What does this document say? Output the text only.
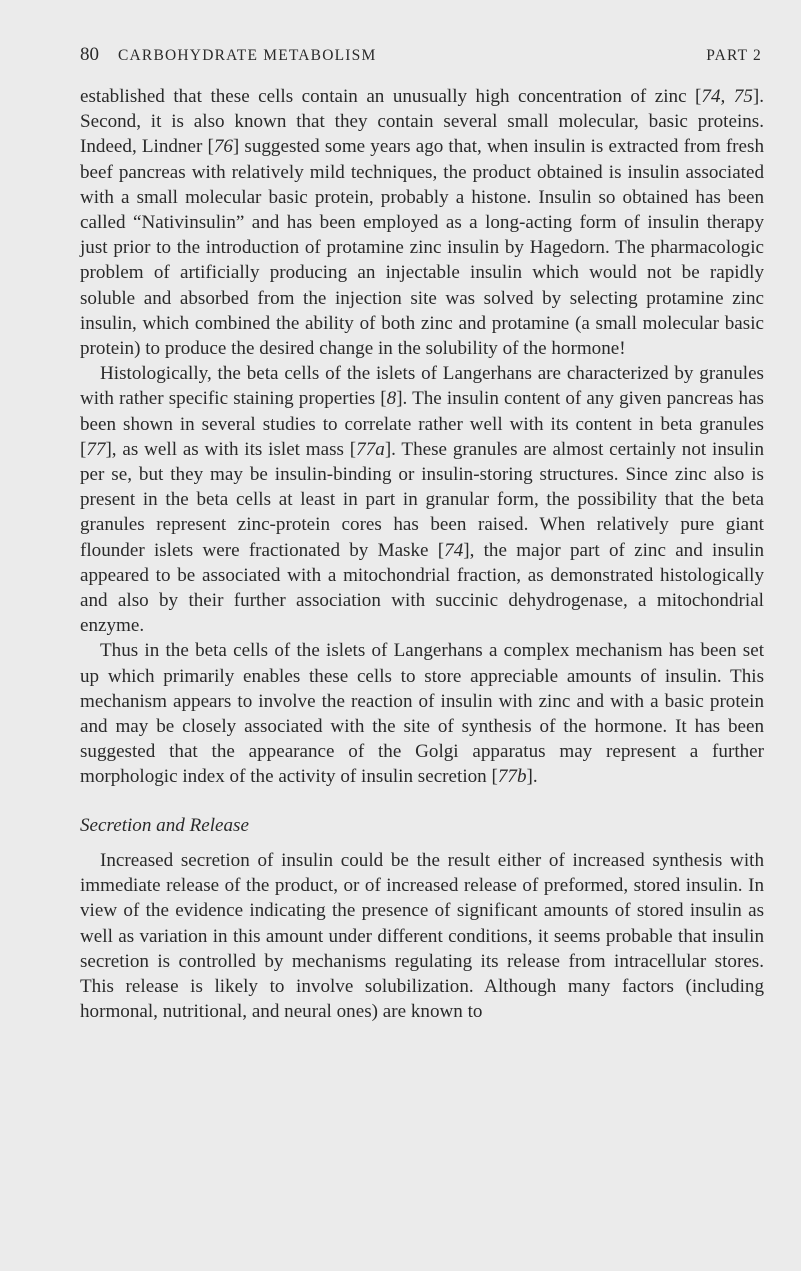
80 CARBOHYDRATE METABOLISM	PART 2

established that these cells contain an unusually high concentration of zinc [74, 75]. Second, it is also known that they contain several small molecular, basic proteins. Indeed, Lindner [76] suggested some years ago that, when insulin is extracted from fresh beef pancreas with relatively mild techniques, the product obtained is insulin associated with a small molecular basic protein, probably a histone. Insulin so obtained has been called “Nativinsulin” and has been employed as a long-acting form of insulin therapy just prior to the introduction of protamine zinc insulin by Hagedorn. The pharmacologic problem of artificially producing an injectable insulin which would not be rapidly soluble and absorbed from the injection site was solved by selecting protamine zinc insulin, which combined the ability of both zinc and protamine (a small molecular basic protein) to produce the desired change in the solubility of the hormone!

Histologically, the beta cells of the islets of Langerhans are characterized by granules with rather specific staining properties [8]. The insulin content of any given pancreas has been shown in several studies to correlate rather well with its content in beta granules [77], as well as with its islet mass [77a]. These granules are almost certainly not insulin per se, but they may be insulin-binding or insulin-storing structures. Since zinc also is present in the beta cells at least in part in granular form, the possibility that the beta granules represent zinc-protein cores has been raised. When relatively pure giant flounder islets were fractionated by Maske [74], the major part of zinc and insulin appeared to be associated with a mitochondrial fraction, as demonstrated histologically and also by their further association with succinic dehydrogenase, a mitochondrial enzyme.

Thus in the beta cells of the islets of Langerhans a complex mechanism has been set up which primarily enables these cells to store appreciable amounts of insulin. This mechanism appears to involve the reaction of insulin with zinc and with a basic protein and may be closely associated with the site of synthesis of the hormone. It has been suggested that the appearance of the Golgi apparatus may represent a further morphologic index of the activity of insulin secretion [77b].

Secretion and Release

Increased secretion of insulin could be the result either of increased synthesis with immediate release of the product, or of increased release of preformed, stored insulin. In view of the evidence indicating the presence of significant amounts of stored insulin as well as variation in this amount under different conditions, it seems probable that insulin secretion is controlled by mechanisms regulating its release from intracellular stores. This release is likely to involve solubilization. Although many factors (including hormonal, nutritional, and neural ones) are known to
